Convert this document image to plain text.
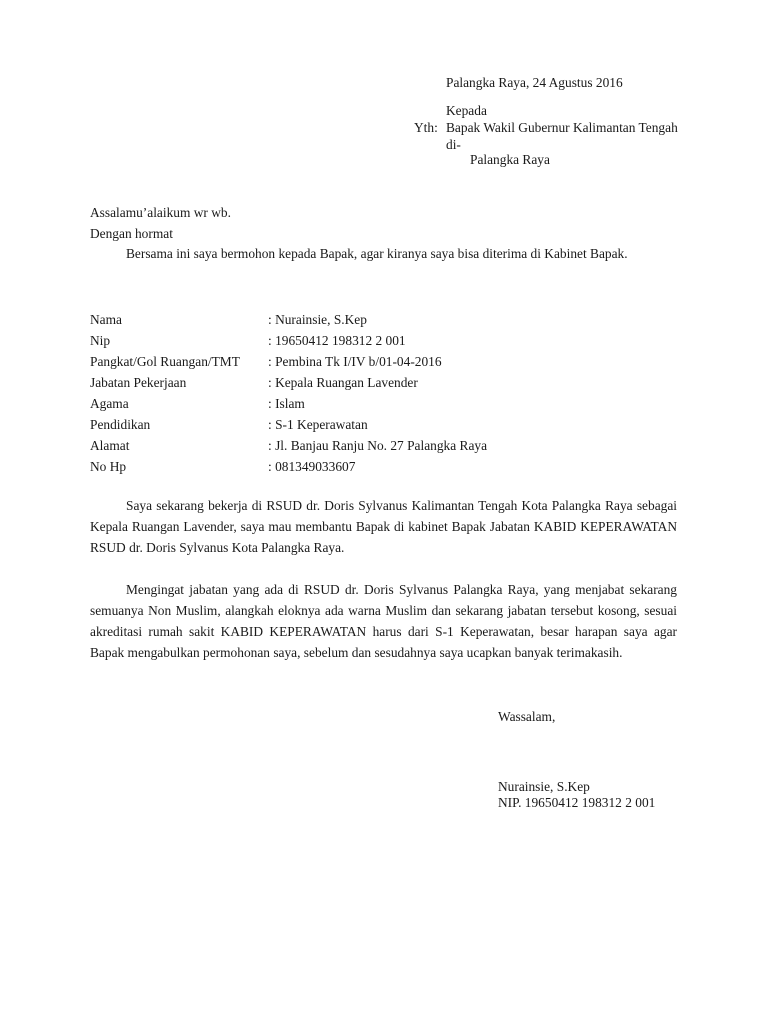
Palangka Raya, 24 Agustus 2016
Kepada
Yth: Bapak Wakil Gubernur Kalimantan Tengah
di-
Palangka Raya
Assalamu’alaikum wr wb.
Dengan hormat

Bersama ini saya bermohon kepada Bapak, agar kiranya saya bisa diterima di Kabinet Bapak.

Nama	: Nurainsie, S.Kep
Nip	: 19650412 198312 2 001
Pangkat/Gol Ruangan/TMT	: Pembina Tk I/IV b/01-04-2016
Jabatan Pekerjaan	: Kepala Ruangan Lavender
Agama	: Islam
Pendidikan	: S-1 Keperawatan
Alamat	: Jl. Banjau Ranju No. 27 Palangka Raya
No Hp	: 081349033607

Saya sekarang bekerja di RSUD dr. Doris Sylvanus Kalimantan Tengah Kota Palangka Raya sebagai Kepala Ruangan Lavender, saya mau membantu Bapak di kabinet Bapak Jabatan KABID KEPERAWATAN RSUD dr. Doris Sylvanus Kota Palangka Raya.

Mengingat jabatan yang ada di RSUD dr. Doris Sylvanus Palangka Raya, yang menjabat sekarang semuanya Non Muslim, alangkah eloknya ada warna Muslim dan sekarang jabatan tersebut kosong, sesuai akreditasi rumah sakit KABID KEPERAWATAN harus dari S-1 Keperawatan, besar harapan saya agar Bapak mengabulkan permohonan saya, sebelum dan sesudahnya saya ucapkan banyak terimakasih.

Wassalam,
Nurainsie, S.Kep
NIP. 19650412 198312 2 001
